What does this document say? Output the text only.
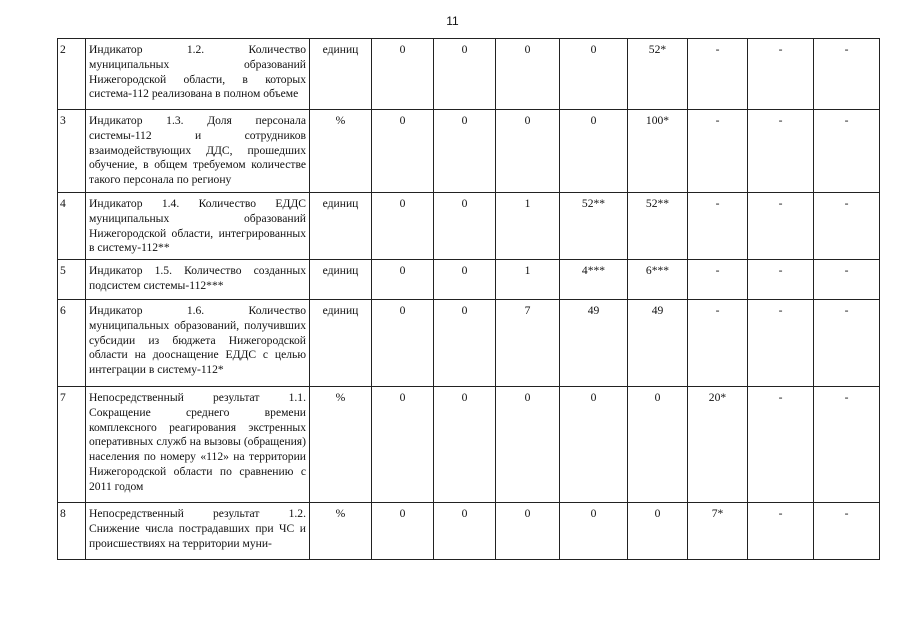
11
2	Индикатор 1.2. Количество муниципальных образований Нижегородской области, в которых система-112 реализована в полном объеме	единиц	0	0	0	0	52*	-	-	-
3	Индикатор 1.3. Доля персонала системы-112 и сотрудников взаимодействующих ДДС, прошедших обучение, в общем требуемом количестве такого персонала по региону	%	0	0	0	0	100*	-	-	-
4	Индикатор 1.4. Количество ЕДДС муниципальных образований Нижегородской области, интегрированных в систему-112**	единиц	0	0	1	52**	52**	-	-	-
5	Индикатор 1.5. Количество созданных подсистем системы-112***	единиц	0	0	1	4***	6***	-	-	-
6	Индикатор 1.6. Количество муниципальных образований, получивших субсидии из бюджета Нижегородской области на дооснащение ЕДДС с целью интеграции в систему-112*	единиц	0	0	7	49	49	-	-	-
7	Непосредственный результат 1.1. Сокращение среднего времени комплексного реагирования экстренных оперативных служб на вызовы (обращения) населения по номеру «112» на территории Нижегородской области по сравнению с 2011 годом	%	0	0	0	0	0	20*	-	-
8	Непосредственный результат 1.2. Снижение числа пострадавших при ЧС и происшествиях на территории муни-	%	0	0	0	0	0	7*	-	-
